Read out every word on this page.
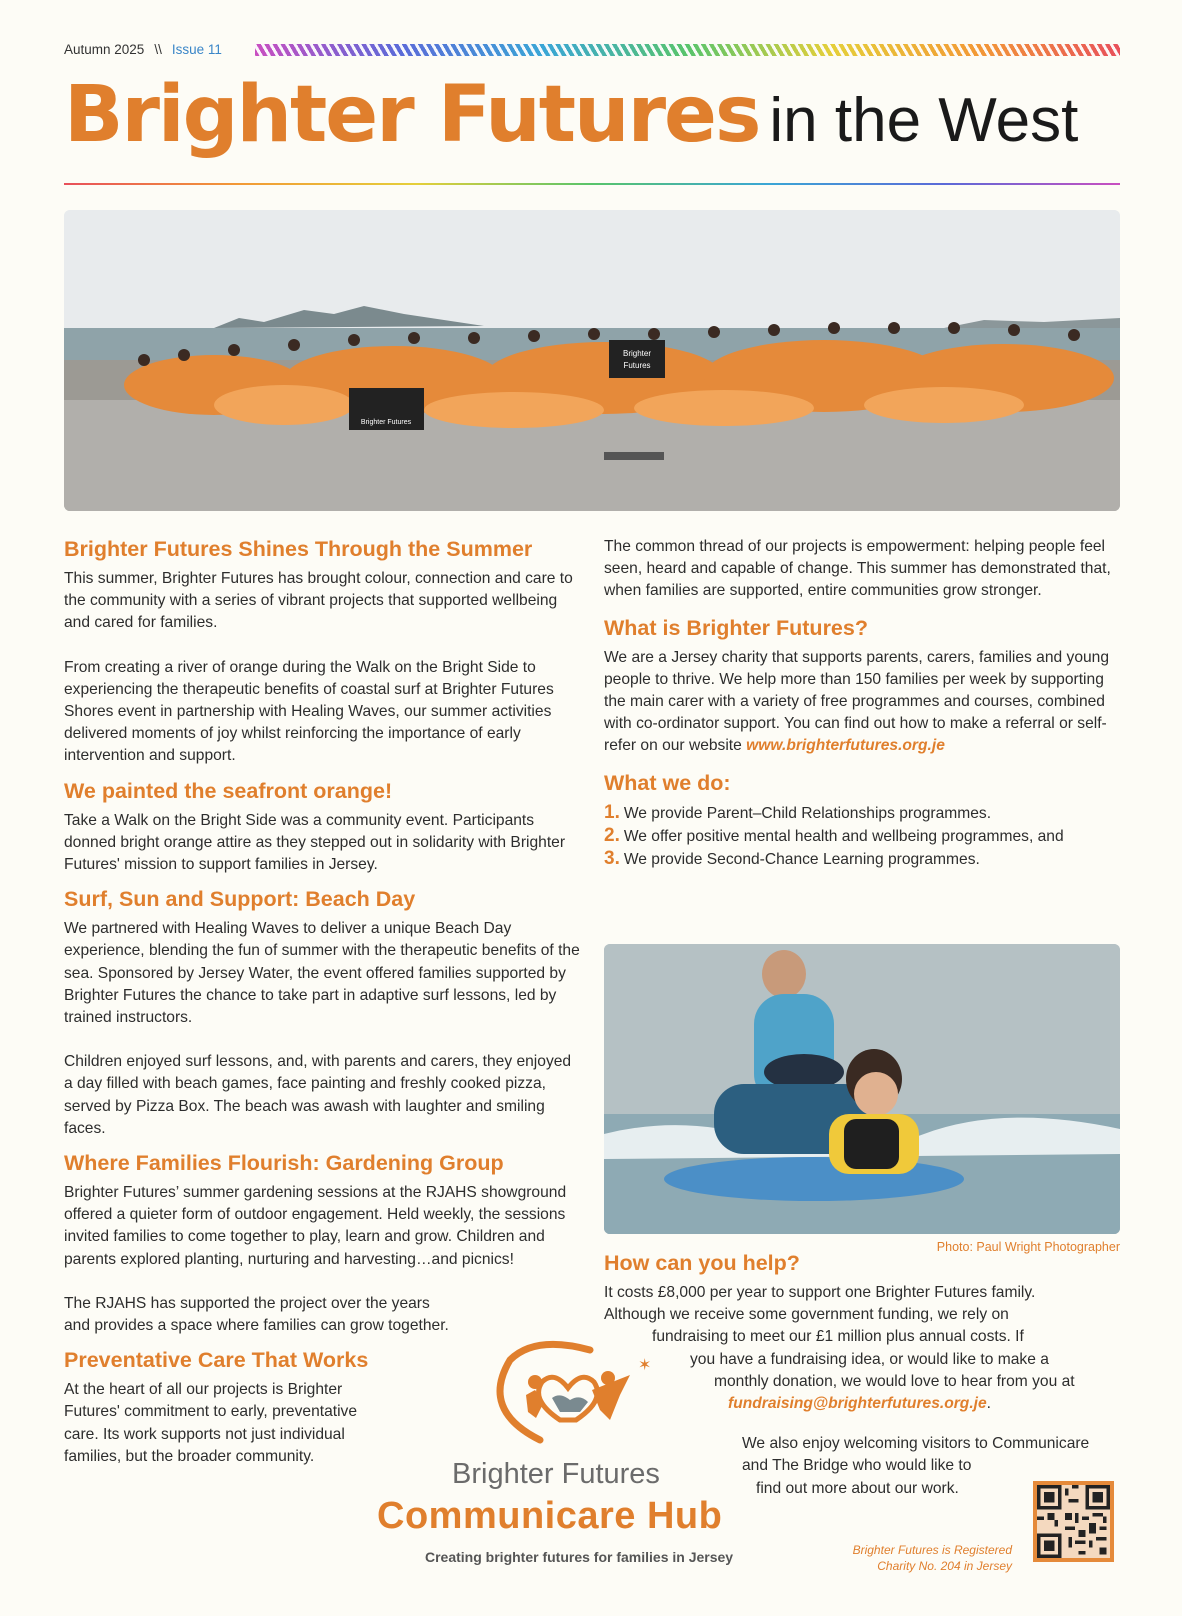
Autumn 2025 \\ Issue 11
Brighter Futures in the West
Brighter Futures
Brighter
Futures
Brighter Futures Shines Through the Summer

This summer, Brighter Futures has brought colour, connection and care to the community with a series of vibrant projects that supported wellbeing and cared for families.

From creating a river of orange during the Walk on the Bright Side to experiencing the therapeutic benefits of coastal surf at Brighter Futures Shores event in partnership with Healing Waves, our summer activities delivered moments of joy whilst reinforcing the importance of early intervention and support.

We painted the seafront orange!

Take a Walk on the Bright Side was a community event. Participants donned bright orange attire as they stepped out in solidarity with Brighter Futures' mission to support families in Jersey.

Surf, Sun and Support: Beach Day

We partnered with Healing Waves to deliver a unique Beach Day experience, blending the fun of summer with the therapeutic benefits of the sea. Sponsored by Jersey Water, the event offered families supported by Brighter Futures the chance to take part in adaptive surf lessons, led by trained instructors.

Children enjoyed surf lessons, and, with parents and carers, they enjoyed a day filled with beach games, face painting and freshly cooked pizza, served by Pizza Box. The beach was awash with laughter and smiling faces.

Where Families Flourish: Gardening Group

Brighter Futures’ summer gardening sessions at the RJAHS showground offered a quieter form of outdoor engagement. Held weekly, the sessions invited families to come together to play, learn and grow. Children and parents explored planting, nurturing and harvesting…and picnics!

The RJAHS has supported the project over the years and provides a space where families can grow together.

Preventative Care That Works

At the heart of all our projects is Brighter Futures' commitment to early, preventative care. Its work supports not just individual families, but the broader community.

The common thread of our projects is empowerment: helping people feel seen, heard and capable of change. This summer has demonstrated that, when families are supported, entire communities grow stronger.

What is Brighter Futures?

We are a Jersey charity that supports parents, carers, families and young people to thrive. We help more than 150 families per week by supporting the main carer with a variety of free programmes and courses, combined with co-ordinator support. You can find out how to make a referral or self-refer on our website www.brighterfutures.org.je

What we do:
1. We provide Parent–Child Relationships programmes.
2. We offer positive mental health and wellbeing programmes, and
3. We provide Second-Chance Learning programmes.
Photo: Paul Wright Photographer
How can you help?
It costs £8,000 per year to support one Brighter Futures family.
Although we receive some government funding, we rely on
fundraising to meet our £1 million plus annual costs. If
you have a fundraising idea, or would like to make a
monthly donation, we would love to hear from you at
fundraising@brighterfutures.org.je.
We also enjoy welcoming visitors to Communicare
and The Bridge who would like to
find out more about our work.
✶
Brighter Futures
Communicare Hub
Creating brighter futures for families in Jersey	Brighter Futures is Registered
Charity No. 204 in Jersey
